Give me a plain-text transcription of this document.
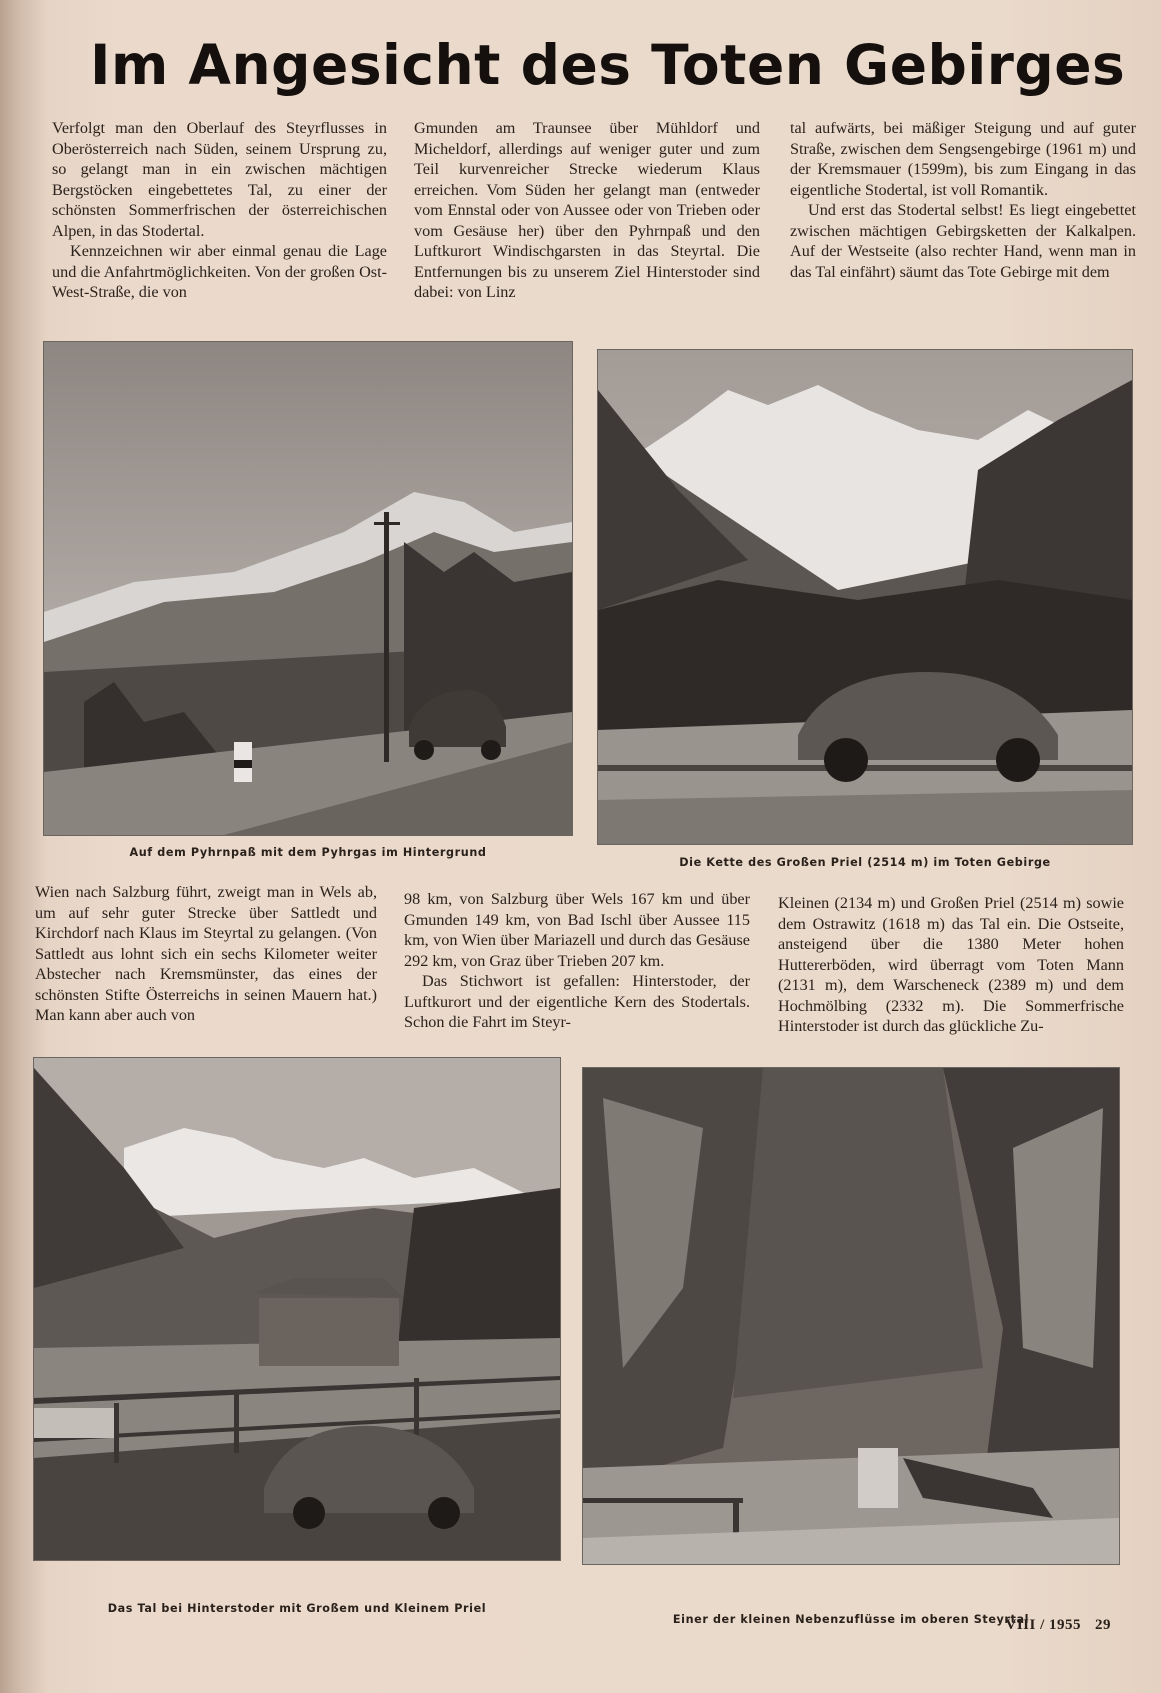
Im Angesicht des Toten Gebirges

Verfolgt man den Oberlauf des Steyrflusses in Oberösterreich nach Süden, seinem Ursprung zu, so gelangt man in ein zwischen mächtigen Bergstöcken eingebettetes Tal, zu einer der schönsten Sommerfrischen der österreichischen Alpen, in das Stodertal.

Kennzeichnen wir aber einmal genau die Lage und die Anfahrtmöglichkeiten. Von der großen Ost-West-Straße, die von

Gmunden am Traunsee über Mühldorf und Micheldorf, allerdings auf weniger guter und zum Teil kurvenreicher Strecke wiederum Klaus erreichen. Vom Süden her gelangt man (entweder vom Ennstal oder von Aussee oder von Trieben oder vom Gesäuse her) über den Pyhrnpaß und den Luftkurort Windischgarsten in das Steyrtal. Die Entfernungen bis zu unserem Ziel Hinterstoder sind dabei: von Linz

tal aufwärts, bei mäßiger Steigung und auf guter Straße, zwischen dem Sengsengebirge (1961 m) und der Kremsmauer (1599m), bis zum Eingang in das eigentliche Stodertal, ist voll Romantik.

Und erst das Stodertal selbst! Es liegt eingebettet zwischen mächtigen Gebirgsketten der Kalkalpen. Auf der Westseite (also rechter Hand, wenn man in das Tal einfährt) säumt das Tote Gebirge mit dem

Auf dem Pyhrnpaß mit dem Pyhrgas im Hintergrund
Die Kette des Großen Priel (2514 m) im Toten Gebirge

Wien nach Salzburg führt, zweigt man in Wels ab, um auf sehr guter Strecke über Sattledt und Kirchdorf nach Klaus im Steyrtal zu gelangen. (Von Sattledt aus lohnt sich ein sechs Kilometer weiter Abstecher nach Kremsmünster, das eines der schönsten Stifte Österreichs in seinen Mauern hat.) Man kann aber auch von

98 km, von Salzburg über Wels 167 km und über Gmunden 149 km, von Bad Ischl über Aussee 115 km, von Wien über Mariazell und durch das Gesäuse 292 km, von Graz über Trieben 207 km.

Das Stichwort ist gefallen: Hinterstoder, der Luftkurort und der eigentliche Kern des Stodertals. Schon die Fahrt im Steyr-

Kleinen (2134 m) und Großen Priel (2514 m) sowie dem Ostrawitz (1618 m) das Tal ein. Die Ostseite, ansteigend über die 1380 Meter hohen Huttererböden, wird überragt vom Toten Mann (2131 m), dem Warscheneck (2389 m) und dem Hochmölbing (2332 m). Die Sommerfrische Hinterstoder ist durch das glückliche Zu-

Das Tal bei Hinterstoder mit Großem und Kleinem Priel
Einer der kleinen Nebenzuflüsse im oberen Steyrtal
VIII / 1955 29
